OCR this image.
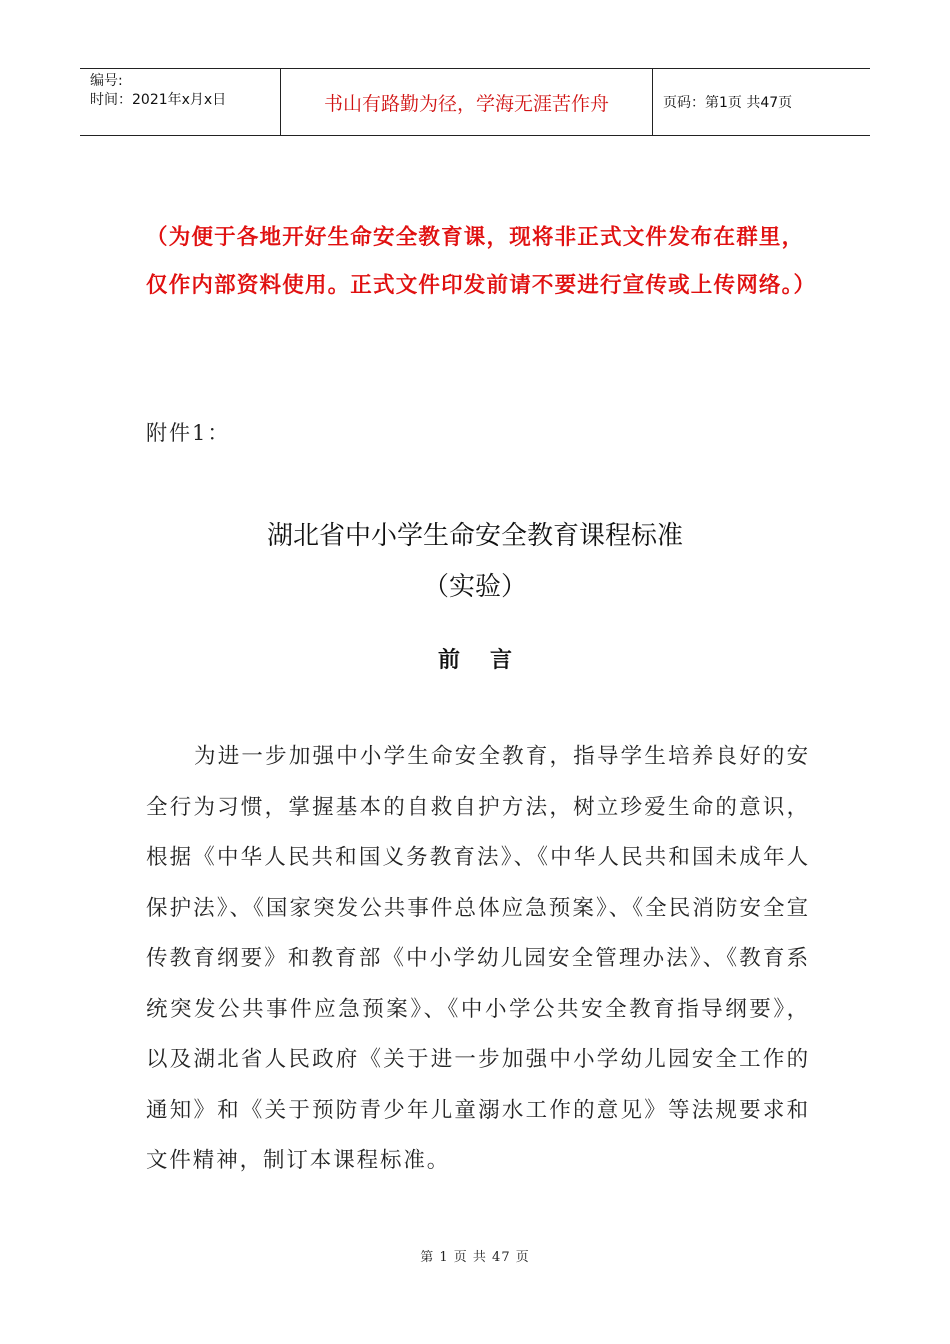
编号:
时间：2021年x月x日	书山有路勤为径，学海无涯苦作舟	页码：第1页 共47页
（为便于各地开好生命安全教育课，现将非正式文件发布在群里，仅作内部资料使用。正式文件印发前请不要进行宣传或上传网络。）
附件1：
湖北省中小学生命安全教育课程标准
（实验）
前言
为进一步加强中小学生命安全教育，指导学生培养良好的安全行为习惯，掌握基本的自救自护方法，树立珍爱生命的意识，根据《中华人民共和国义务教育法》、《中华人民共和国未成年人保护法》、《国家突发公共事件总体应急预案》、《全民消防安全宣传教育纲要》和教育部《中小学幼儿园安全管理办法》、《教育系统突发公共事件应急预案》、《中小学公共安全教育指导纲要》，以及湖北省人民政府《关于进一步加强中小学幼儿园安全工作的通知》和《关于预防青少年儿童溺水工作的意见》等法规要求和文件精神，制订本课程标准。
第 1 页 共 47 页
